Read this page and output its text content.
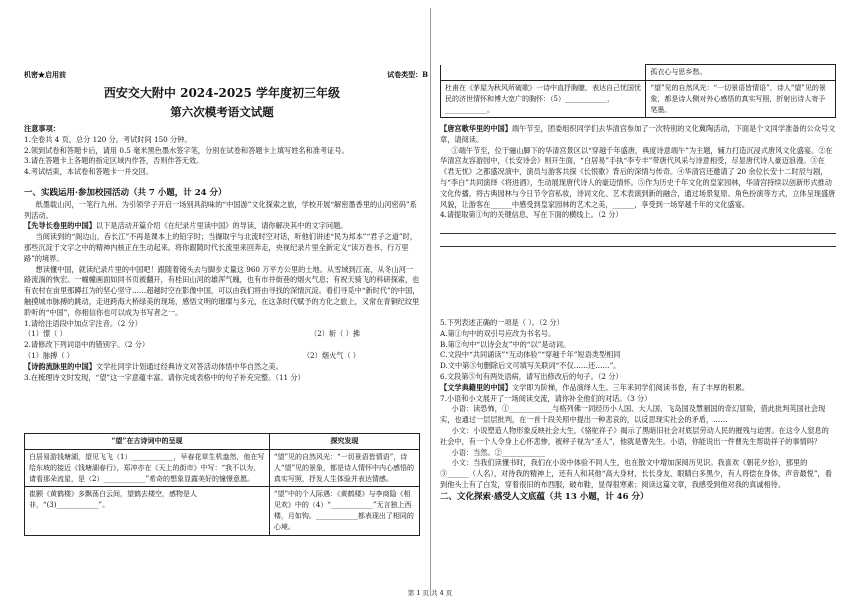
机密★启用前	试卷类型：B
西安交大附中 2024-2025 学年度初三年级
第六次模考语文试题

注意事项：

1.全卷共 4 页，总分 120 分。考试时间 150 分钟。

2.领到试卷和答题卡后，请用 0.5 毫米黑色墨水签字笔，分别在试卷和答题卡上填写姓名和准考证号。

3.请在答题卡上各题的指定区域内作答，否则作答无效。

4.考试结束，本试卷和答题卡一并交回。

一、实践运用·参加校园活动（共 7 小题，计 24 分）

纸墨载山河，一笔行九州。为引领学子开启一场别具韵味的“中国游”文化探索之旅，学校开展“解密墨香里的山河密码”系列活动。

【先导长卷里的中国】以下是活动开篇介绍《在纪录片里读中国》的导读，请你解决其中的文字问题。

当阅读到的“阁边山，吞长江”不再是课本上的铅字时；当撷取宇与北流时空对话，听他们讲述“民为邦本”“君子之道”时，那些沉淀于文字之中的精神内核正在生动起来。将你跟随时代长流里来回奔走，央视纪录片里全新定义“读万卷书、行万里路”的境界。

想读懂中国，就读纪录片里的中国吧！跟随着镜头去与脚步丈量这 960 万平方公里的土地。从雪域到江南，从冬山河一路流淌的恢宏。一幢幢画面如同书页被翻开，有桂田山河的雄浑气魄，也有市井街巷的烟火气息；有祝天骑飞的科研探索，也有农村在亩里那蹲扛为的坚心坚守……超越时空在影像中国，可以由我们将由寻找的深情沉淀。看们寻觅中“新时代”的中国，触摸城市脉搏的跳动，走进跨海大桥绿美的现场，感悟文明的璀璨与多元，在这条时代赋予的方化之旅上，又常在青铜纪纹里聆听的“中国”，你相信你也可以成为书写者之一。

1.请给注语段中加点字注音。（2 分）

（1）憬（ ）	（2）斩（ ）拂

2.请修改下列词语中的错别字。（2 分）

（1）脉搏（ ）	（2）烟火气（ ）

【诗韵流脉里的中国】文学社同学计划通过经典诗文对答活动体悟中华自然之美。

3.在梳理诗文时发现，“望”这一字意蕴丰富。请你完成表格中的句子补充完整。（11 分）

“望”在古诗词中的呈现	探究发现
白居易游钱塘湖，望见飞飞（1）____________，早春花草生机盎然，他在写给东坡的接近《钱塘湖春行》，郑冲亦在《天上的街市》中写：“我不以为，请看那朵流星，是（2）____________”希奇的想象显露美好的憧憬意愿。	“望”见的自然风光：“一切景语皆情语”，诗人“望”见的景象，都是诗人情怀中内心感悟的真实写照，抒发人生体验并表达情感。
崔颢《黄鹤楼》多飘荡白云间，望鹤去楼空，感物是人非，“(3)____________”。	“望”中的个人际遇：《黄鹤楼》与李商隐《相见欢》中的（4）“____________”无言独上西楼，月如钩。____________都表现出了相同的心境。
	孤衣心与思乡愁。
杜甫在《茅屋为秋风所破歌》一诗中直抒胸臆，表达自己忧国忧民的济世情怀和博大宽广的胸怀：（5）____________，____________。	“望”见的自然风光：“一切景语皆情语”，诗人“望”见的景象，都是诗人侧对外心感悟的真实写照，折射出诗人寄予笔墨。

【唐宫歌华里的中国】端午节至，团委组织同学们去华清宫参加了一次特别的文化冀陶活动，下面是个文同学准备的公众号文章，请阅读。

①端午节至，位于骊山脚下的华清宫景区以“穿越千年盛唐，典度诗意端午”为主题，辅力打造沉浸式唐风文化盛宴。②在华清宫友容游园中，《长安诗会》则开生面，“白居易”手执“李专丰”带唐代风采与诗意相受，尽显唐代诗人豪迈浪漫。③在《君无忧》之都盛况演中，演员与游客共探《长恨歌》背后的深情与传奇。④华清宫还邀请了 20 余位长安十二时辰与剧，与“李白”共同演绎《将进酒》，生动展现唐代诗人的豪迈情怀。⑤作为历史千年文化的皇家园林，华清宫持续以创新形式推动文化传播，将古典园林与今日节令宫私妆，诗词文化、艺术表演到新的融合，通过场景复原、角色扮演等方式，立体呈现盛唐风貌，让游客在______中感受到皇家园林的艺术之美，______，享受到一场穿越千年的文化盛宴。

4.请提取第①句的关键信息，写在下面的横线上。（2 分）

5.下列表述正确的一项是（ ）。（2 分）

A.第①句中的双引号应改为书名号。

B.第②句中“以诗会友”中的“以”是动词。

C.文段中“共同诵读”“互动体验”“穿越千年”短语类型相同

D.文中第⑤句删除后文可填写关联词“不仅……还……”。

6.文段第⑤句有两处语病，请写出修改后的句子。（2 分）

【文学典籍里的中国】文学即为阶梯，作品演绎人生。三年来同学们阅读书卷，有了丰厚的积累。

7.小语和小文展开了一场阅读交流，请你补全他们的对话。（3 分）

小语：读恐怖，①____________与格列佛一同经历小人国、大人国、飞岛国及慧骃国的奇幻冒险，借此批判英国社会现实，也通过一层层批判，在一首十段关照中提出一种悲哀的，以反思现实社会的矛盾，……

小文：小说塑造人物形象反映社会大生，《骆驼祥子》揭示了黑暗旧社会对底层劳动人民的摧残与迫害。在这令人窒息的社会中，有一个人令身上心怀悲惨，被秤子视为“圣人”，他就是曹先生。小语，你能说出一件曹先生帮助祥子的事情吗？

小语：当然。②____________

小文：当我们读懂书时，我们在小说中体验不同人生，也在散文中增加深阅历见识。我喜欢《朝花夕拾》，那里的③______（人名），对待我的精神上，还有人和其他“高大身材，长长身友、眼睛白多黑少，有人将偿在身体，声音最悦”，看到他头上有了白发，穿着很旧的布西服，破布鞋，显得很寒素；阅读这篇文章，我感受到他对我的真诚相待。

二、文化探索·感受人文底蕴（共 13 小题，计 46 分）

第 1 页 共 4 页
